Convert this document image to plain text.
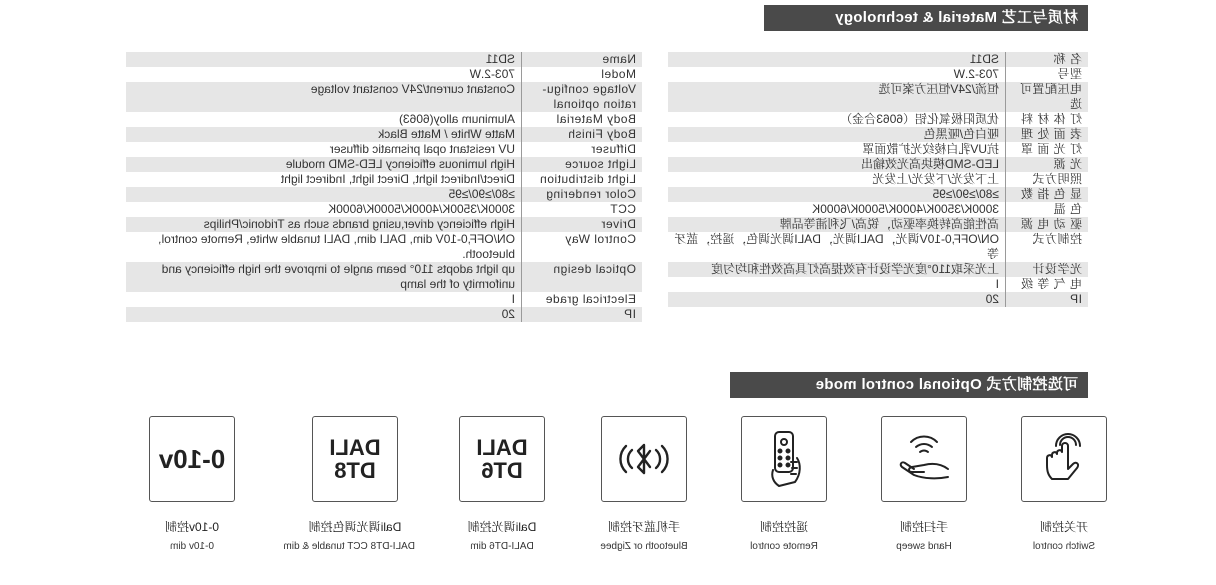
材质与工艺 Material & technology
名 称	SD11
型号	703-2.W
电压配置可选	恒流/24V恒压方案可选
灯 体 材 料	优质阳极氧化铝（6063合金）
表 面 处 理	哑白色/哑黑色
灯 光 面 罩	抗UV乳白棱纹光扩散面罩
光 源	LED-SMD模块高光效输出
照明方式	上下发光/下发光/上发光
显 色 指 数	≥80/≥90/≥95
色 温	3000K/3500K/4000K/5000K/6000K
驱 动 电 源	高性能高转换率驱动，锐高/飞利浦等品牌
控制方式	ON/OFF,0-10V调光，DALI调光，DALI调光调色，遥控，蓝牙等
光学设计	上光采取110°度光学设计有效提高灯具高效性和均匀度
电 气 等 级	I
IP	20
Name	SD11
Model	703-2.W
Voltage configu-ration optional	Constant current/24V constant voltage
Body Material	Aluminum alloy(6063)
Body Finish	Matte White / Matte Black
Diffuser	UV resistant opal prismatic diffuser
Light source	High luminous efficiency LED-SMD module
Light distribution	Direct/Indirect light, Direct light, Indirect light
Color rendering	≥80/≥90/≥95
CCT	3000K/3500K/4000K/5000K/6000K
Driver	High efficiency driver,using brands such as Tridonic/Philips
Control Way	ON/OFF,0-10V dim, DALI dim, DALI tunable white, Remote control, bluetooth.
Optical design	up light adopts 110° beam angle to improve the high efficiency and uniformity of the lamp
Electrical grade	I
IP	20
可选控制方式 Optional control mode
开关控制
Switch control
手扫控制
Hand sweep
遥控控制
Remote control
手机蓝牙控制
Bluetooth or Zigbee
DALI
DT6
Dali调光控制
DALI-DT6 dim
DALI
DT8
Dali调光调色控制
DALI-DT8 CCT tunable & dim
0-10v
0-10v控制
0-10v dim
